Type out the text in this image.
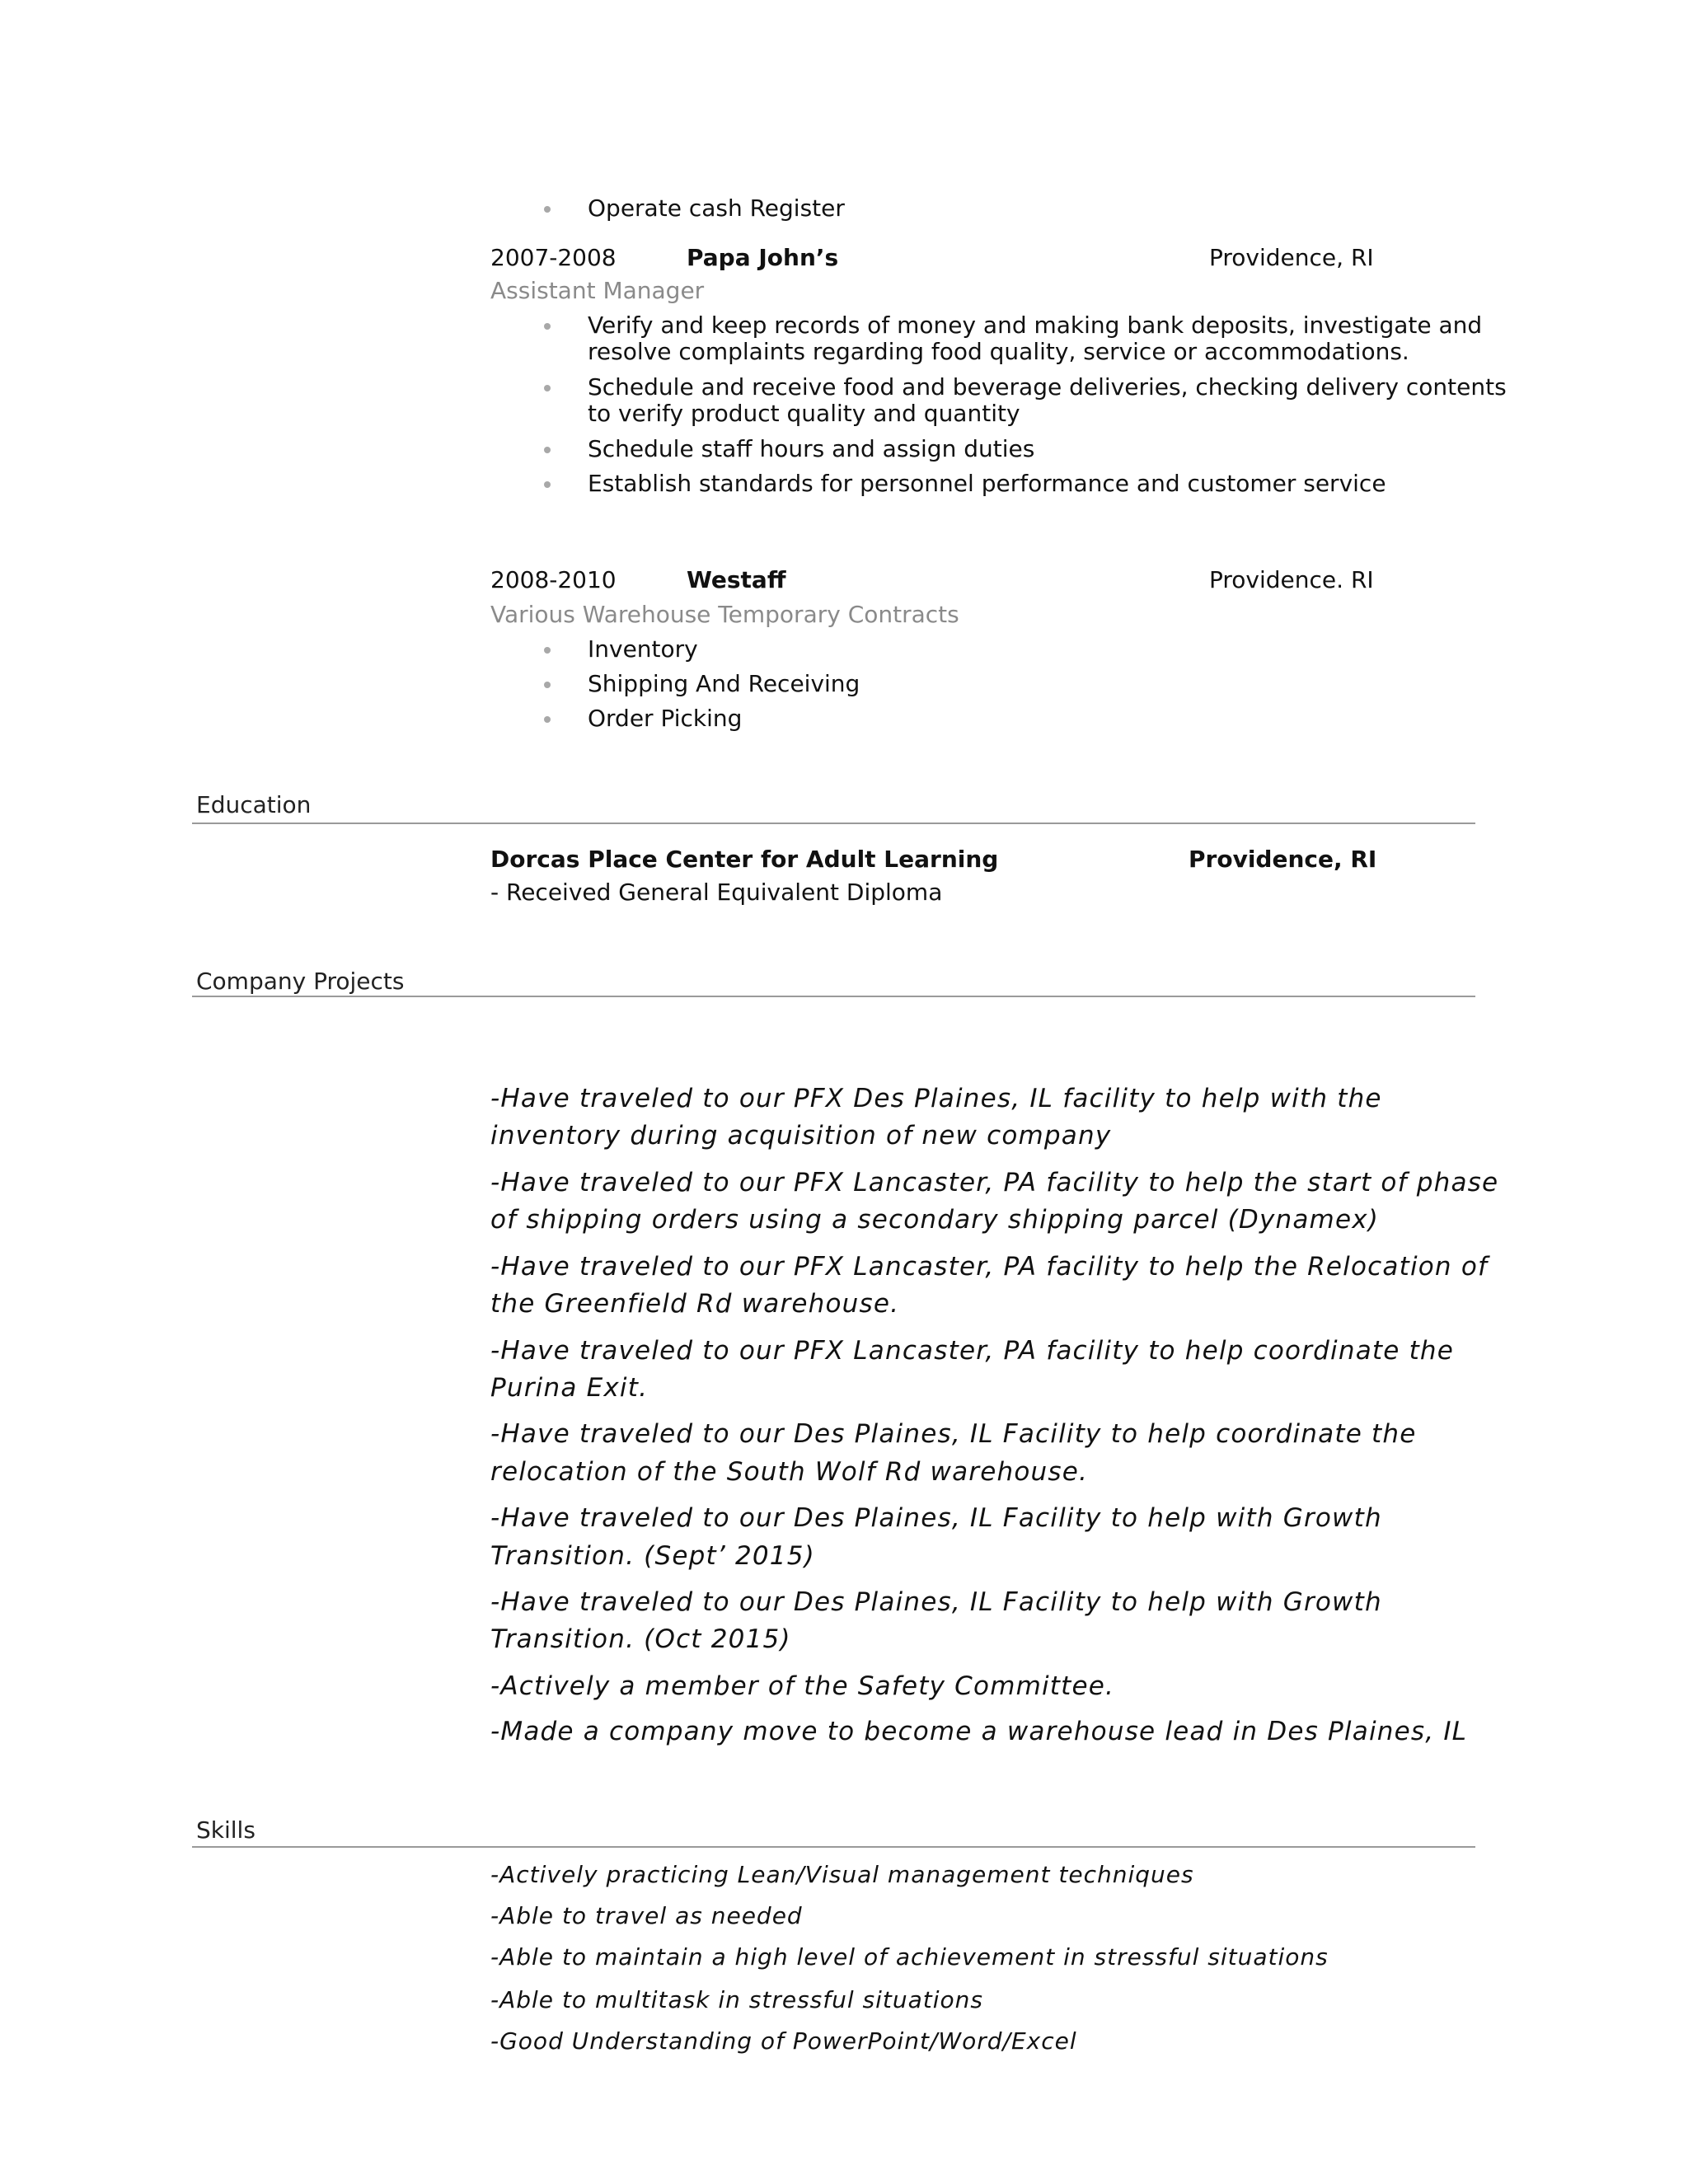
Operate cash Register
2007-2008	Papa John’s	Providence, RI
Assistant Manager
Verify and keep records of money and making bank deposits, investigate and
resolve complaints regarding food quality, service or accommodations.
Schedule and receive food and beverage deliveries, checking delivery contents
to verify product quality and quantity
Schedule staff hours and assign duties
Establish standards for personnel performance and customer service
2008-2010	Westaff	Providence. RI
Various Warehouse Temporary Contracts
Inventory
Shipping And Receiving
Order Picking
Education
Dorcas Place Center for Adult Learning	Providence, RI
- Received General Equivalent Diploma
Company Projects
-Have traveled to our PFX Des Plaines, IL facility to help with the
inventory during acquisition of new company
-Have traveled to our PFX Lancaster, PA facility to help the start of phase
of shipping orders using a secondary shipping parcel (Dynamex)
-Have traveled to our PFX Lancaster, PA facility to help the Relocation of
the Greenfield Rd warehouse.
-Have traveled to our PFX Lancaster, PA facility to help coordinate the
Purina Exit.
-Have traveled to our Des Plaines, IL Facility to help coordinate the
relocation of the South Wolf Rd warehouse.
-Have traveled to our Des Plaines, IL Facility to help with Growth
Transition. (Sept’ 2015)
-Have traveled to our Des Plaines, IL Facility to help with Growth
Transition. (Oct 2015)
-Actively a member of the Safety Committee.
-Made a company move to become a warehouse lead in Des Plaines, IL
Skills
-Actively practicing Lean/Visual management techniques
-Able to travel as needed
-Able to maintain a high level of achievement in stressful situations
-Able to multitask in stressful situations
-Good Understanding of PowerPoint/Word/Excel
